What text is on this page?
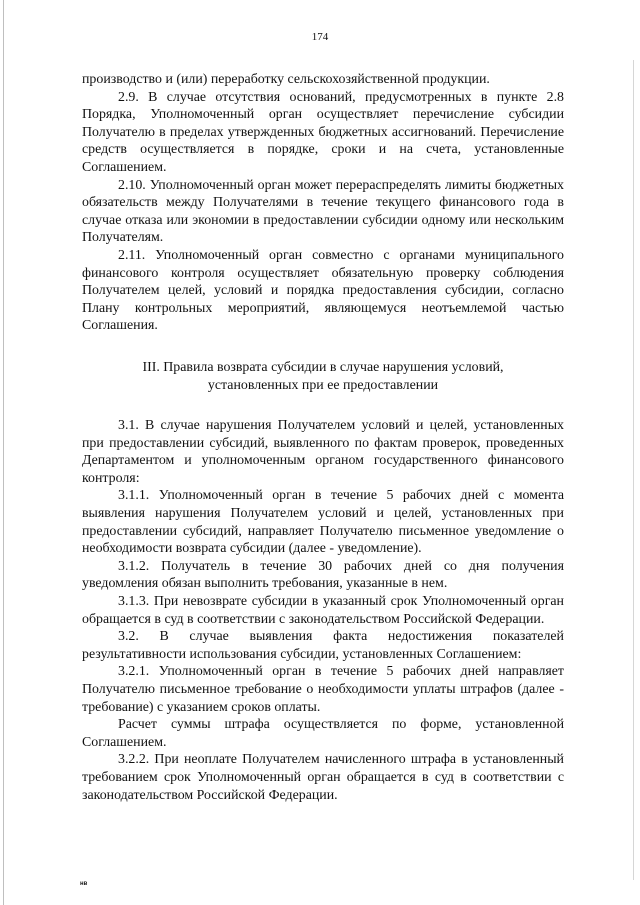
174

производство и (или) переработку сельскохозяйственной продукции.

2.9. В случае отсутствия оснований, предусмотренных в пункте 2.8 Порядка, Уполномоченный орган осуществляет перечисление субсидии Получателю в пределах утвержденных бюджетных ассигнований. Перечисление средств осуществляется в порядке, сроки и на счета, установленные Соглашением.

2.10. Уполномоченный орган может перераспределять лимиты бюджетных обязательств между Получателями в течение текущего финансового года в случае отказа или экономии в предоставлении субсидии одному или нескольким Получателям.

2.11. Уполномоченный орган совместно с органами муниципального финансового контроля осуществляет обязательную проверку соблюдения Получателем целей, условий и порядка предоставления субсидии, согласно Плану контрольных мероприятий, являющемуся неотъемлемой частью Соглашения.

III. Правила возврата субсидии в случае нарушения условий,
установленных при ее предоставлении

3.1. В случае нарушения Получателем условий и целей, установленных при предоставлении субсидий, выявленного по фактам проверок, проведенных Департаментом и уполномоченным органом государственного финансового контроля:

3.1.1. Уполномоченный орган в течение 5 рабочих дней с момента выявления нарушения Получателем условий и целей, установленных при предоставлении субсидий, направляет Получателю письменное уведомление о необходимости возврата субсидии (далее - уведомление).

3.1.2. Получатель в течение 30 рабочих дней со дня получения уведомления обязан выполнить требования, указанные в нем.

3.1.3. При невозврате субсидии в указанный срок Уполномоченный орган обращается в суд в соответствии с законодательством Российской Федерации.

3.2. В случае выявления факта недостижения показателей результативности использования субсидии, установленных Соглашением:

3.2.1. Уполномоченный орган в течение 5 рабочих дней направляет Получателю письменное требование о необходимости уплаты штрафов (далее - требование) с указанием сроков оплаты.

Расчет суммы штрафа осуществляется по форме, установленной Соглашением.

3.2.2. При неоплате Получателем начисленного штрафа в установленный требованием срок Уполномоченный орган обращается в суд в соответствии с законодательством Российской Федерации.

нв
